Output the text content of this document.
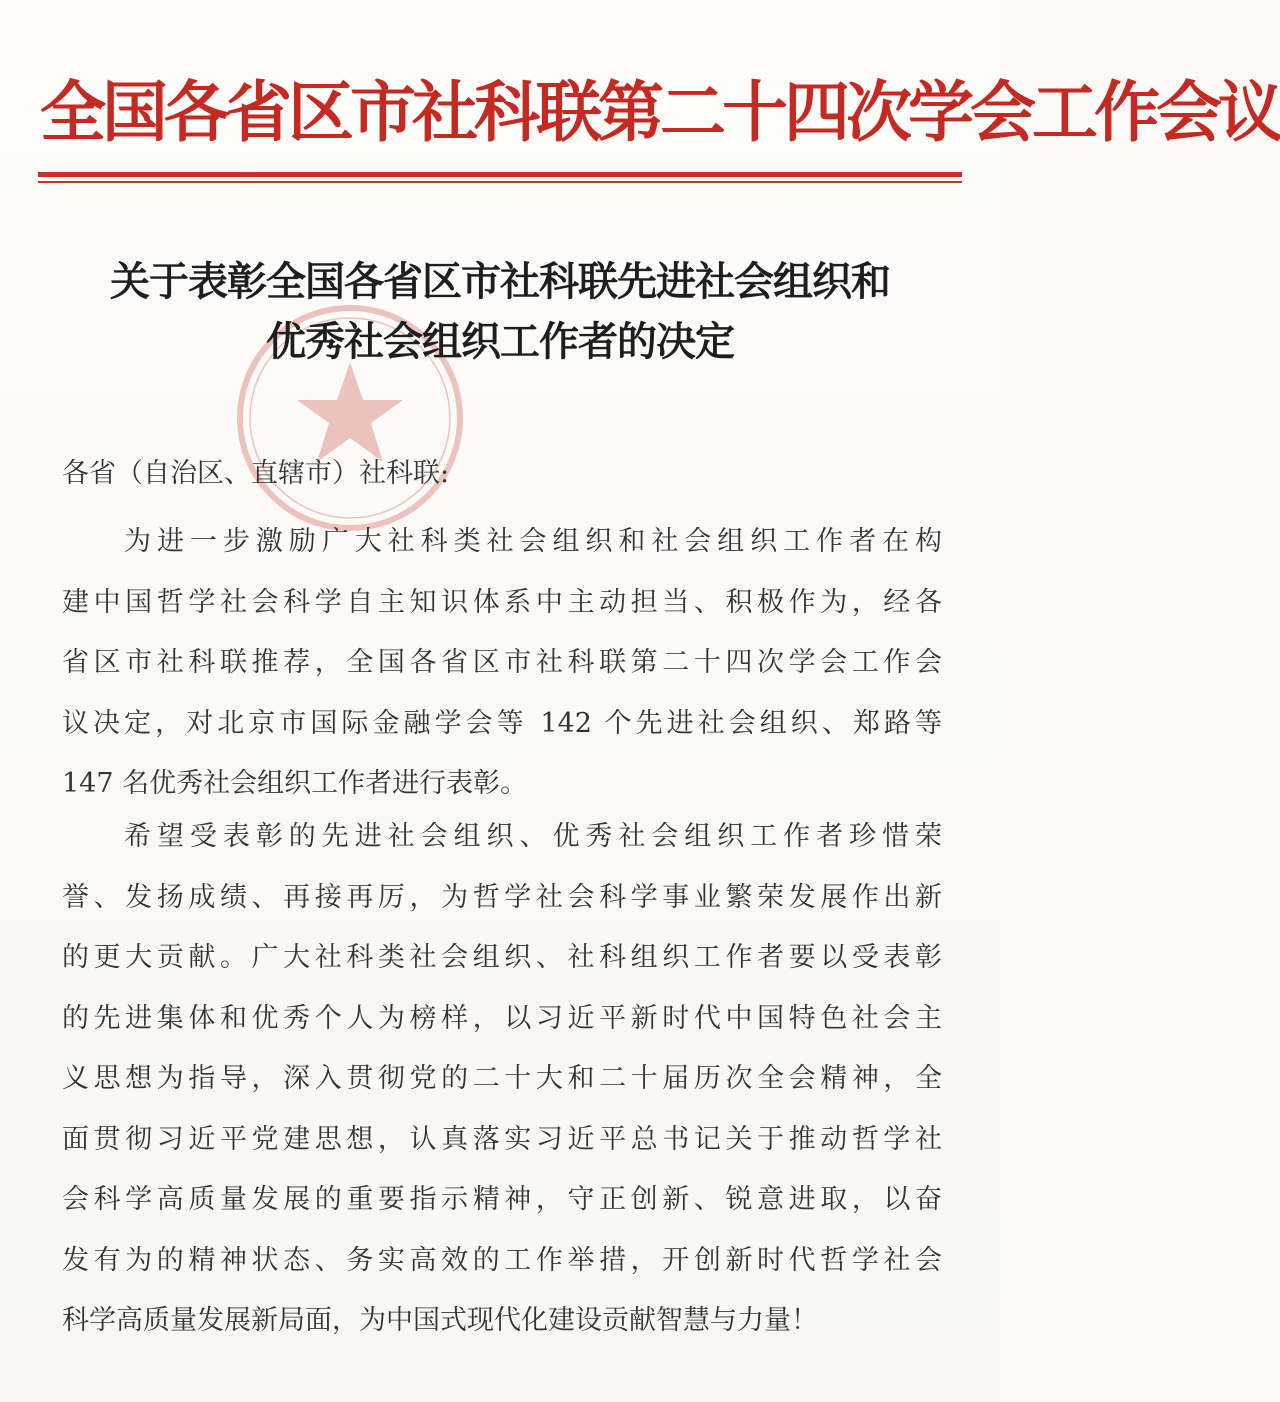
全国各省区市社科联第二十四次学会工作会议
关于表彰全国各省区市社科联先进社会组织和
优秀社会组织工作者的决定
各省（自治区、直辖市）社科联:
为进一步激励广大社科类社会组织和社会组织工作者在构
建中国哲学社会科学自主知识体系中主动担当、积极作为，经各
省区市社科联推荐，全国各省区市社科联第二十四次学会工作会
议决定，对北京市国际金融学会等 142 个先进社会组织、郑路等
147 名优秀社会组织工作者进行表彰。
希望受表彰的先进社会组织、优秀社会组织工作者珍惜荣
誉、发扬成绩、再接再厉，为哲学社会科学事业繁荣发展作出新
的更大贡献。广大社科类社会组织、社科组织工作者要以受表彰
的先进集体和优秀个人为榜样，以习近平新时代中国特色社会主
义思想为指导，深入贯彻党的二十大和二十届历次全会精神，全
面贯彻习近平党建思想，认真落实习近平总书记关于推动哲学社
会科学高质量发展的重要指示精神，守正创新、锐意进取，以奋
发有为的精神状态、务实高效的工作举措，开创新时代哲学社会
科学高质量发展新局面，为中国式现代化建设贡献智慧与力量！
